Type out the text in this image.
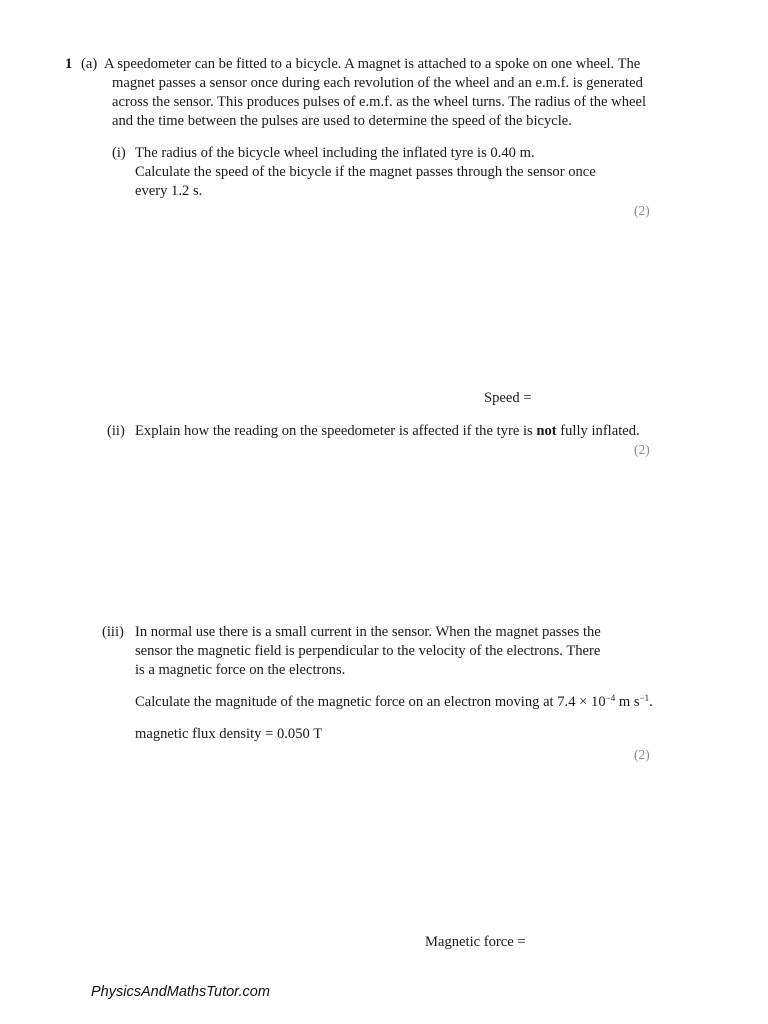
1 (a) A speedometer can be fitted to a bicycle. A magnet is attached to a spoke on one wheel. The
magnet passes a sensor once during each revolution of the wheel and an e.m.f. is generated
across the sensor. This produces pulses of e.m.f. as the wheel turns. The radius of the wheel
and the time between the pulses are used to determine the speed of the bicycle.
(i) The radius of the bicycle wheel including the inflated tyre is 0.40 m.
Calculate the speed of the bicycle if the magnet passes through the sensor once
every 1.2 s.
(2)
Speed =
(ii) Explain how the reading on the speedometer is affected if the tyre is not fully inflated.
(2)
(iii) In normal use there is a small current in the sensor. When the magnet passes the
sensor the magnetic field is perpendicular to the velocity of the electrons. There
is a magnetic force on the electrons.
Calculate the magnitude of the magnetic force on an electron moving at $7.4 \times 10^{-4}$ m $s^{-1}$.
magnetic flux density = 0.050 T
(2)
Magnetic force =
PhysicsAndMathsTutor.com
